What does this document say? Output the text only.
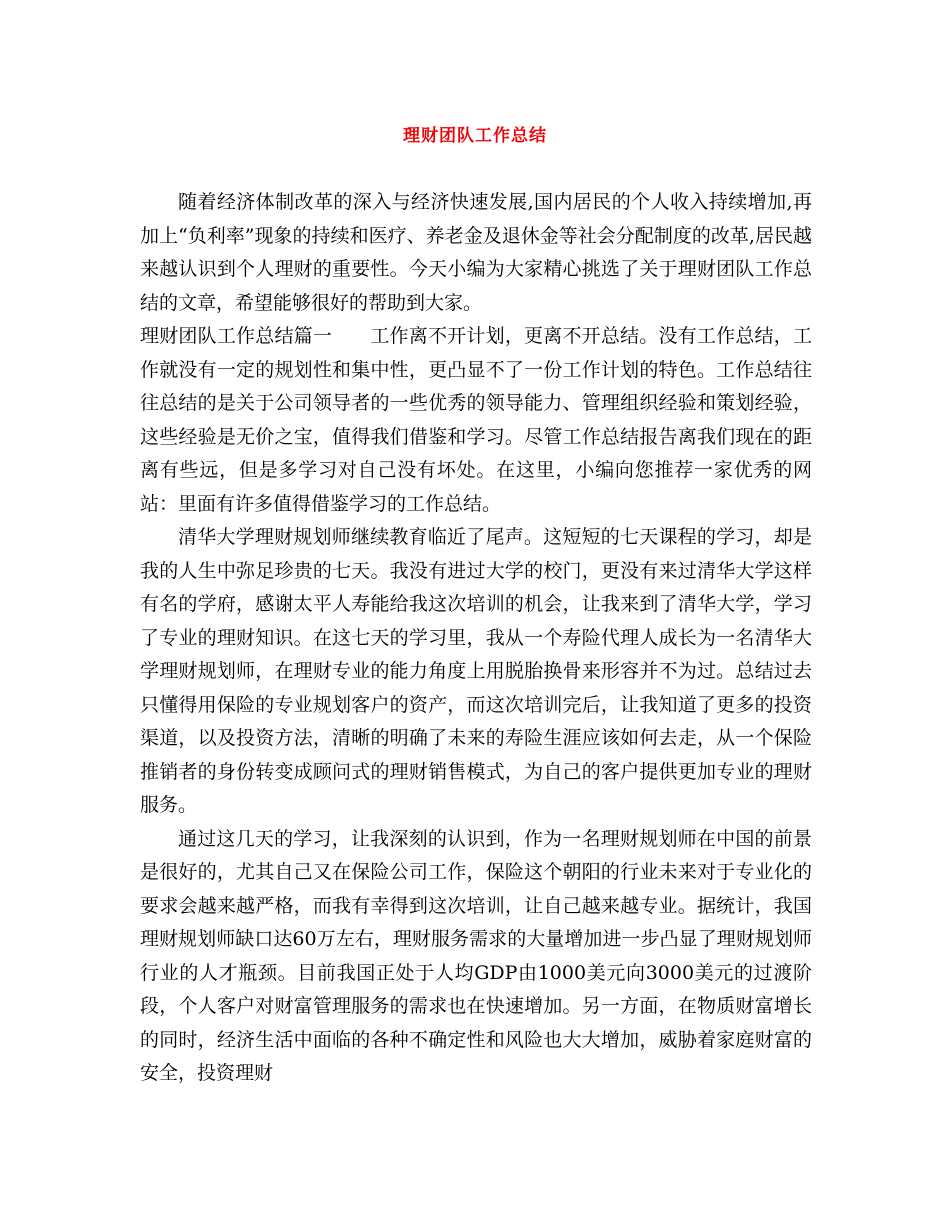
理财团队工作总结

随着经济体制改革的深入与经济快速发展,国内居民的个人收入持续增加,再加上“负利率”现象的持续和医疗、养老金及退休金等社会分配制度的改革,居民越来越认识到个人理财的重要性。今天小编为大家精心挑选了关于理财团队工作总结的文章，希望能够很好的帮助到大家。

理财团队工作总结篇一 工作离不开计划，更离不开总结。没有工作总结，工作就没有一定的规划性和集中性，更凸显不了一份工作计划的特色。工作总结往往总结的是关于公司领导者的一些优秀的领导能力、管理组织经验和策划经验，这些经验是无价之宝，值得我们借鉴和学习。尽管工作总结报告离我们现在的距离有些远，但是多学习对自己没有坏处。在这里，小编向您推荐一家优秀的网站：里面有许多值得借鉴学习的工作总结。

清华大学理财规划师继续教育临近了尾声。这短短的七天课程的学习，却是我的人生中弥足珍贵的七天。我没有进过大学的校门，更没有来过清华大学这样有名的学府，感谢太平人寿能给我这次培训的机会，让我来到了清华大学，学习了专业的理财知识。在这七天的学习里，我从一个寿险代理人成长为一名清华大学理财规划师，在理财专业的能力角度上用脱胎换骨来形容并不为过。总结过去只懂得用保险的专业规划客户的资产，而这次培训完后，让我知道了更多的投资渠道，以及投资方法，清晰的明确了未来的寿险生涯应该如何去走，从一个保险推销者的身份转变成顾问式的理财销售模式，为自己的客户提供更加专业的理财服务。

通过这几天的学习，让我深刻的认识到，作为一名理财规划师在中国的前景是很好的，尤其自己又在保险公司工作，保险这个朝阳的行业未来对于专业化的要求会越来越严格，而我有幸得到这次培训，让自己越来越专业。据统计，我国理财规划师缺口达60万左右，理财服务需求的大量增加进一步凸显了理财规划师行业的人才瓶颈。目前我国正处于人均GDP由1000美元向3000美元的过渡阶段，个人客户对财富管理服务的需求也在快速增加。另一方面，在物质财富增长的同时，经济生活中面临的各种不确定性和风险也大大增加，威胁着家庭财富的安全，投资理财
